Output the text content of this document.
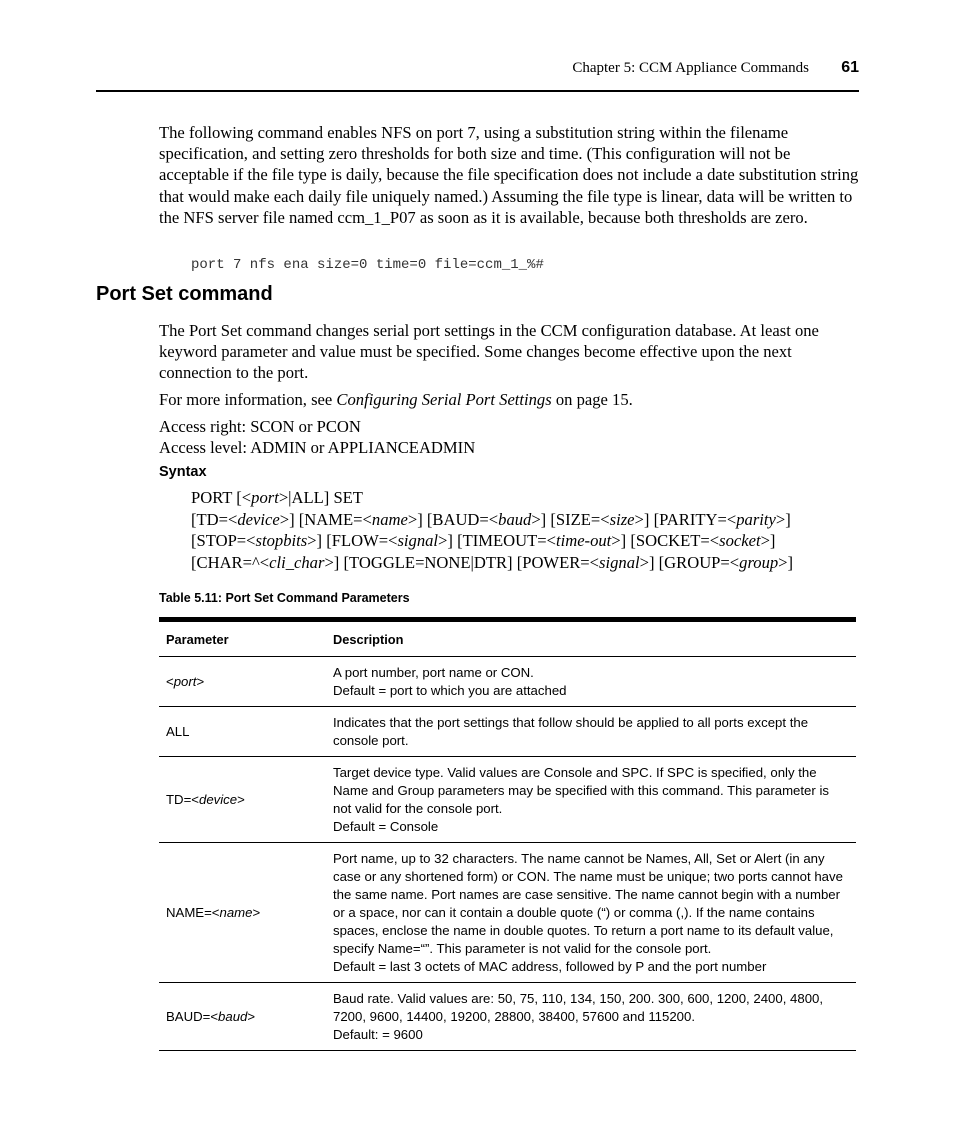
Chapter 5: CCM Appliance Commands 61

The following command enables NFS on port 7, using a substitution string within the filename specification, and setting zero thresholds for both size and time. (This configuration will not be acceptable if the file type is daily, because the file specification does not include a date substitution string that would make each daily file uniquely named.) Assuming the file type is linear, data will be written to the NFS server file named ccm_1_P07 as soon as it is available, because both thresholds are zero.

port 7 nfs ena size=0 time=0 file=ccm_1_%#
Port Set command

The Port Set command changes serial port settings in the CCM configuration database. At least one keyword parameter and value must be specified. Some changes become effective upon the next connection to the port.

For more information, see Configuring Serial Port Settings on page 15.

Access right: SCON or PCON
Access level: ADMIN or APPLIANCEADMIN

Syntax
PORT [<port>|ALL] SET
[TD=<device>] [NAME=<name>] [BAUD=<baud>] [SIZE=<size>] [PARITY=<parity>]
[STOP=<stopbits>] [FLOW=<signal>] [TIMEOUT=<time-out>] [SOCKET=<socket>]
[CHAR=^<cli_char>] [TOGGLE=NONE|DTR] [POWER=<signal>] [GROUP=<group>]
Table 5.11: Port Set Command Parameters
Parameter	Description
<port>	A port number, port name or CON.
Default = port to which you are attached

ALL	Indicates that the port settings that follow should be applied to all ports except the console port.

TD=<device>	Target device type. Valid values are Console and SPC. If SPC is specified, only the Name and Group parameters may be specified with this command. This parameter is not valid for the console port.
Default = Console

NAME=<name>	Port name, up to 32 characters. The name cannot be Names, All, Set or Alert (in any case or any shortened form) or CON. The name must be unique; two ports cannot have the same name. Port names are case sensitive. The name cannot begin with a number or a space, nor can it contain a double quote (“) or comma (,). If the name contains spaces, enclose the name in double quotes. To return a port name to its default value, specify Name=“”. This parameter is not valid for the console port.
Default = last 3 octets of MAC address, followed by P and the port number

BAUD=<baud>	Baud rate. Valid values are: 50, 75, 110, 134, 150, 200. 300, 600, 1200, 2400, 4800, 7200, 9600, 14400, 19200, 28800, 38400, 57600 and 115200.
Default: = 9600
